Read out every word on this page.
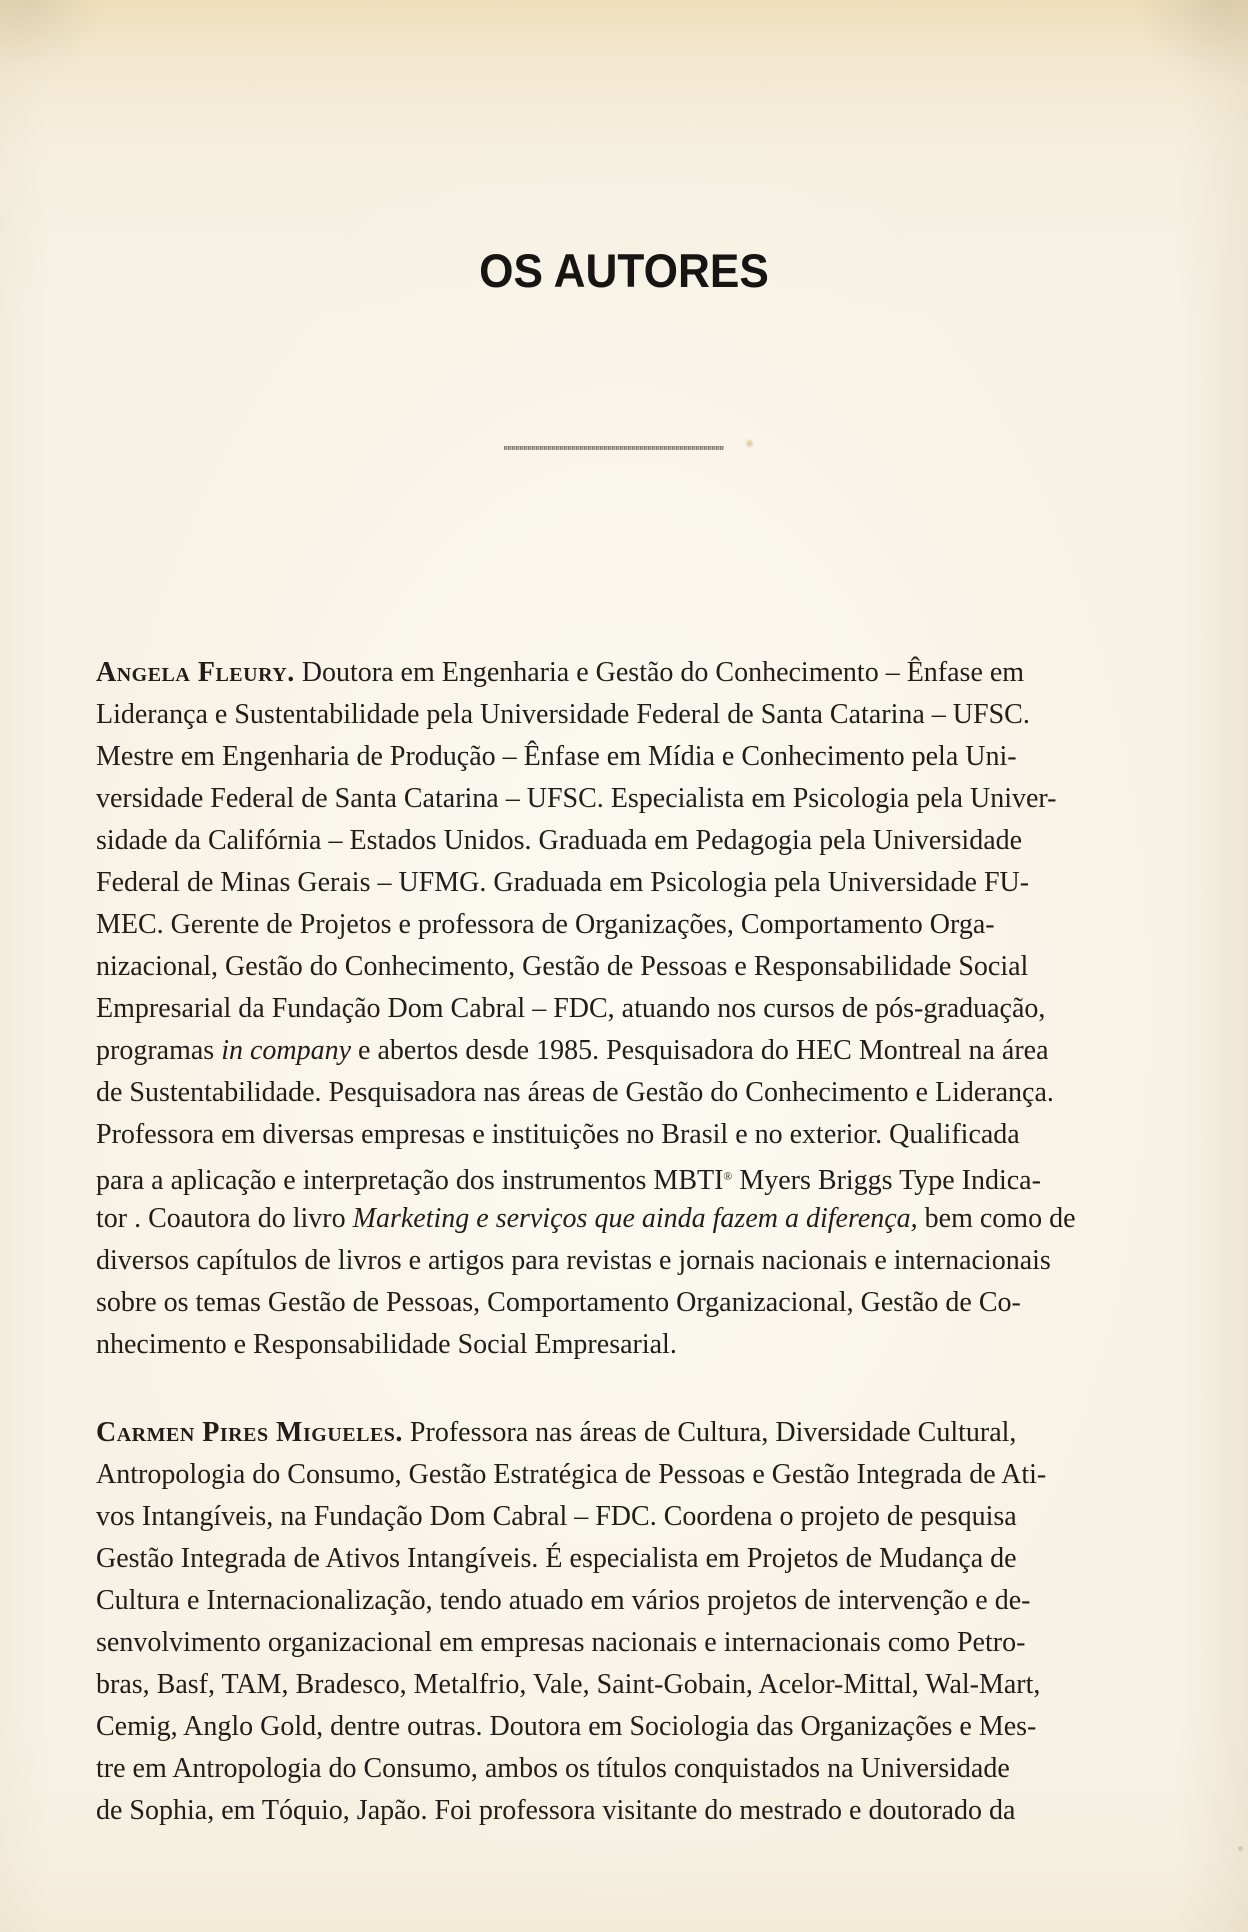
OS AUTORES
Angela Fleury. Doutora em Engenharia e Gestão do Conhecimento – Ênfase em
Liderança e Sustentabilidade pela Universidade Federal de Santa Catarina – UFSC.
Mestre em Engenharia de Produção – Ênfase em Mídia e Conhecimento pela Uni-
versidade Federal de Santa Catarina – UFSC. Especialista em Psicologia pela Univer-
sidade da Califórnia – Estados Unidos. Graduada em Pedagogia pela Universidade
Federal de Minas Gerais – UFMG. Graduada em Psicologia pela Universidade FU-
MEC. Gerente de Projetos e professora de Organizações, Comportamento Orga-
nizacional, Gestão do Conhecimento, Gestão de Pessoas e Responsabilidade Social
Empresarial da Fundação Dom Cabral – FDC, atuando nos cursos de pós-graduação,
programas in company e abertos desde 1985. Pesquisadora do HEC Montreal na área
de Sustentabilidade. Pesquisadora nas áreas de Gestão do Conhecimento e Liderança.
Professora em diversas empresas e instituições no Brasil e no exterior. Qualificada
para a aplicação e interpretação dos instrumentos MBTI® Myers Briggs Type Indica-
tor . Coautora do livro Marketing e serviços que ainda fazem a diferença, bem como de
diversos capítulos de livros e artigos para revistas e jornais nacionais e internacionais
sobre os temas Gestão de Pessoas, Comportamento Organizacional, Gestão de Co-
nhecimento e Responsabilidade Social Empresarial.
Carmen Pires Migueles. Professora nas áreas de Cultura, Diversidade Cultural,
Antropologia do Consumo, Gestão Estratégica de Pessoas e Gestão Integrada de Ati-
vos Intangíveis, na Fundação Dom Cabral – FDC. Coordena o projeto de pesquisa
Gestão Integrada de Ativos Intangíveis. É especialista em Projetos de Mudança de
Cultura e Internacionalização, tendo atuado em vários projetos de intervenção e de-
senvolvimento organizacional em empresas nacionais e internacionais como Petro-
bras, Basf, TAM, Bradesco, Metalfrio, Vale, Saint-Gobain, Acelor-Mittal, Wal-Mart,
Cemig, Anglo Gold, dentre outras. Doutora em Sociologia das Organizações e Mes-
tre em Antropologia do Consumo, ambos os títulos conquistados na Universidade
de Sophia, em Tóquio, Japão. Foi professora visitante do mestrado e doutorado da
